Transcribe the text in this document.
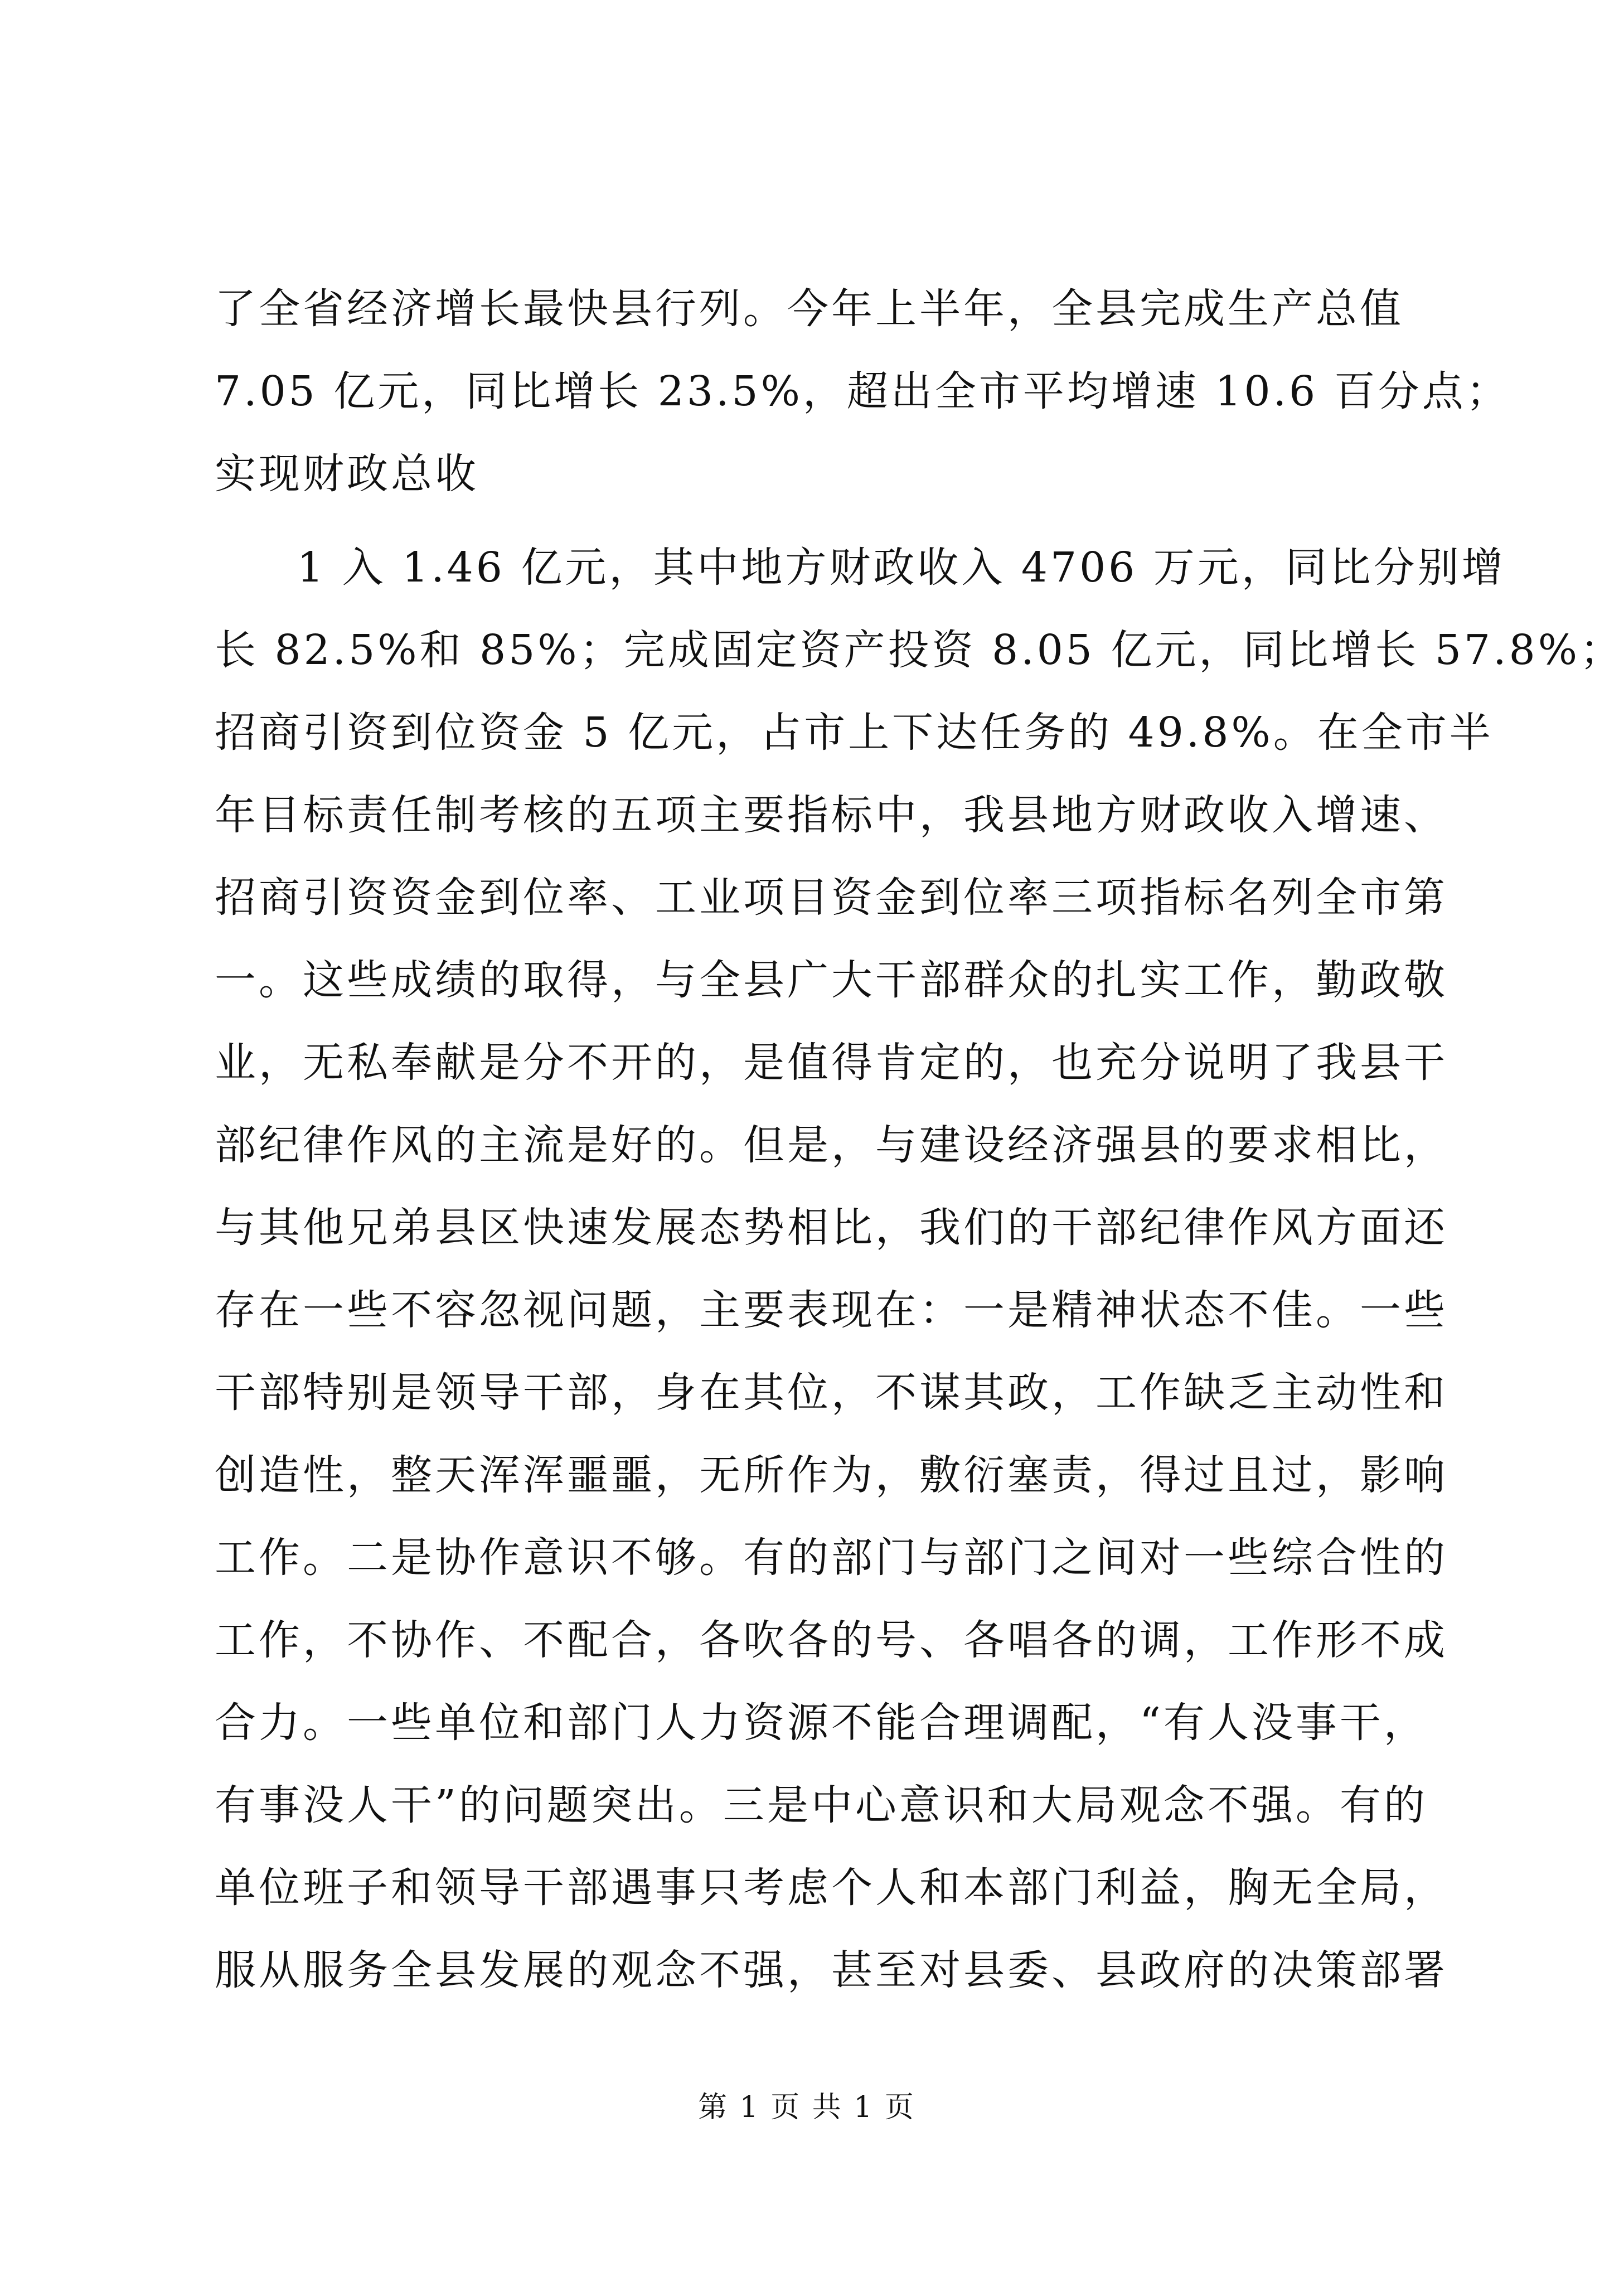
了全省经济增长最快县行列。今年上半年，全县完成生产总值
7.05 亿元，同比增长 23.5%，超出全市平均增速 10.6 百分点；
实现财政总收
1 入 1.46 亿元，其中地方财政收入 4706 万元，同比分别增
长 82.5%和 85%；完成固定资产投资 8.05 亿元，同比增长 57.8%；
招商引资到位资金 5 亿元，占市上下达任务的 49.8%。在全市半
年目标责任制考核的五项主要指标中，我县地方财政收入增速、
招商引资资金到位率、工业项目资金到位率三项指标名列全市第
一。这些成绩的取得，与全县广大干部群众的扎实工作，勤政敬
业，无私奉献是分不开的，是值得肯定的，也充分说明了我县干
部纪律作风的主流是好的。但是，与建设经济强县的要求相比，
与其他兄弟县区快速发展态势相比，我们的干部纪律作风方面还
存在一些不容忽视问题，主要表现在：一是精神状态不佳。一些
干部特别是领导干部，身在其位，不谋其政，工作缺乏主动性和
创造性，整天浑浑噩噩，无所作为，敷衍塞责，得过且过，影响
工作。二是协作意识不够。有的部门与部门之间对一些综合性的
工作，不协作、不配合，各吹各的号、各唱各的调，工作形不成
合力。一些单位和部门人力资源不能合理调配，“有人没事干，
有事没人干”的问题突出。三是中心意识和大局观念不强。有的
单位班子和领导干部遇事只考虑个人和本部门利益，胸无全局，
服从服务全县发展的观念不强，甚至对县委、县政府的决策部署
第 1 页 共 1 页
